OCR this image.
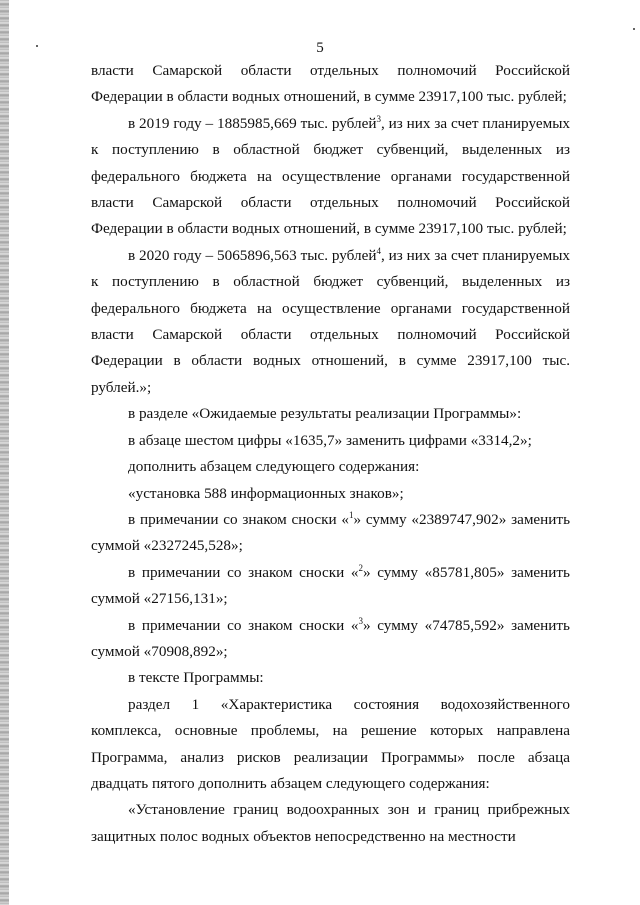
5

власти Самарской области отдельных полномочий Российской Федерации в области водных отношений, в сумме 23917,100 тыс. рублей;

в 2019 году – 1885985,669 тыс. рублей$^3$, из них за счет планируемых к поступлению в областной бюджет субвенций, выделенных из федерального бюджета на осуществление органами государственной власти Самарской области отдельных полномочий Российской Федерации в области водных отношений, в сумме 23917,100 тыс. рублей;

в 2020 году – 5065896,563 тыс. рублей$^4$, из них за счет планируемых к поступлению в областной бюджет субвенций, выделенных из федерального бюджета на осуществление органами государственной власти Самарской области отдельных полномочий Российской Федерации в области водных отношений, в сумме 23917,100 тыс. рублей.»;

в разделе «Ожидаемые результаты реализации Программы»:

в абзаце шестом цифры «1635,7» заменить цифрами «3314,2»;

дополнить абзацем следующего содержания:

«установка 588 информационных знаков»;

в примечании со знаком сноски «$^1$» сумму «2389747,902» заменить суммой «2327245,528»;

в примечании со знаком сноски «$^2$» сумму «85781,805» заменить суммой «27156,131»;

в примечании со знаком сноски «$^3$» сумму «74785,592» заменить суммой «70908,892»;

в тексте Программы:

раздел 1 «Характеристика состояния водохозяйственного комплекса, основные проблемы, на решение которых направлена Программа, анализ рисков реализации Программы» после абзаца двадцать пятого дополнить абзацем следующего содержания:

«Установление границ водоохранных зон и границ прибрежных защитных полос водных объектов непосредственно на местности
